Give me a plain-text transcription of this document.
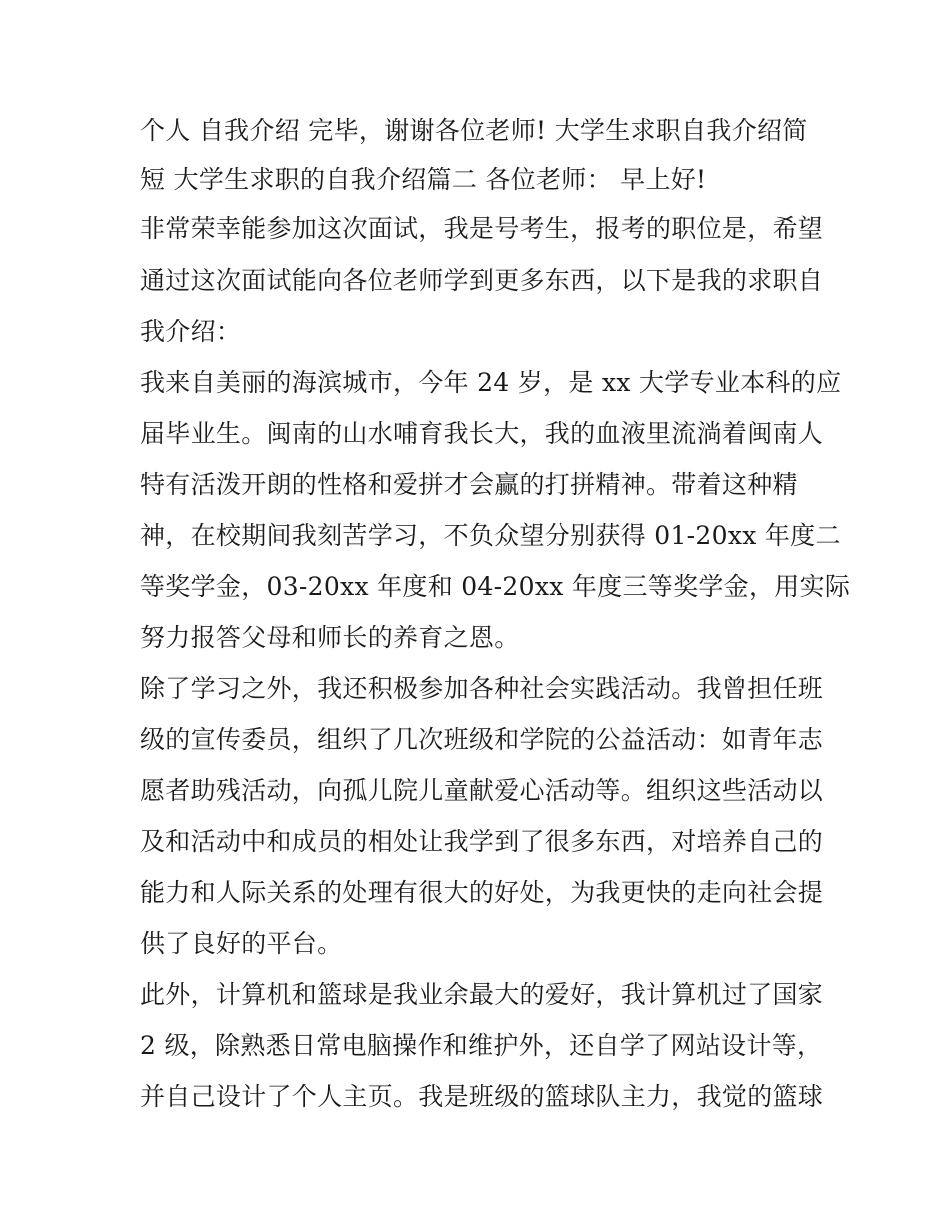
个人 自我介绍 完毕，谢谢各位老师! 大学生求职自我介绍简
短 大学生求职的自我介绍篇二 各位老师： 早上好!
非常荣幸能参加这次面试，我是号考生，报考的职位是，希望
通过这次面试能向各位老师学到更多东西，以下是我的求职自
我介绍：
我来自美丽的海滨城市，今年 24 岁，是 xx 大学专业本科的应
届毕业生。闽南的山水哺育我长大，我的血液里流淌着闽南人
特有活泼开朗的性格和爱拼才会赢的打拼精神。带着这种精
神，在校期间我刻苦学习，不负众望分别获得 01-20xx 年度二
等奖学金，03-20xx 年度和 04-20xx 年度三等奖学金，用实际
努力报答父母和师长的养育之恩。
除了学习之外，我还积极参加各种社会实践活动。我曾担任班
级的宣传委员，组织了几次班级和学院的公益活动：如青年志
愿者助残活动，向孤儿院儿童献爱心活动等。组织这些活动以
及和活动中和成员的相处让我学到了很多东西，对培养自己的
能力和人际关系的处理有很大的好处，为我更快的走向社会提
供了良好的平台。
此外，计算机和篮球是我业余最大的爱好，我计算机过了国家
2 级，除熟悉日常电脑操作和维护外，还自学了网站设计等，
并自己设计了个人主页。我是班级的篮球队主力，我觉的篮球
